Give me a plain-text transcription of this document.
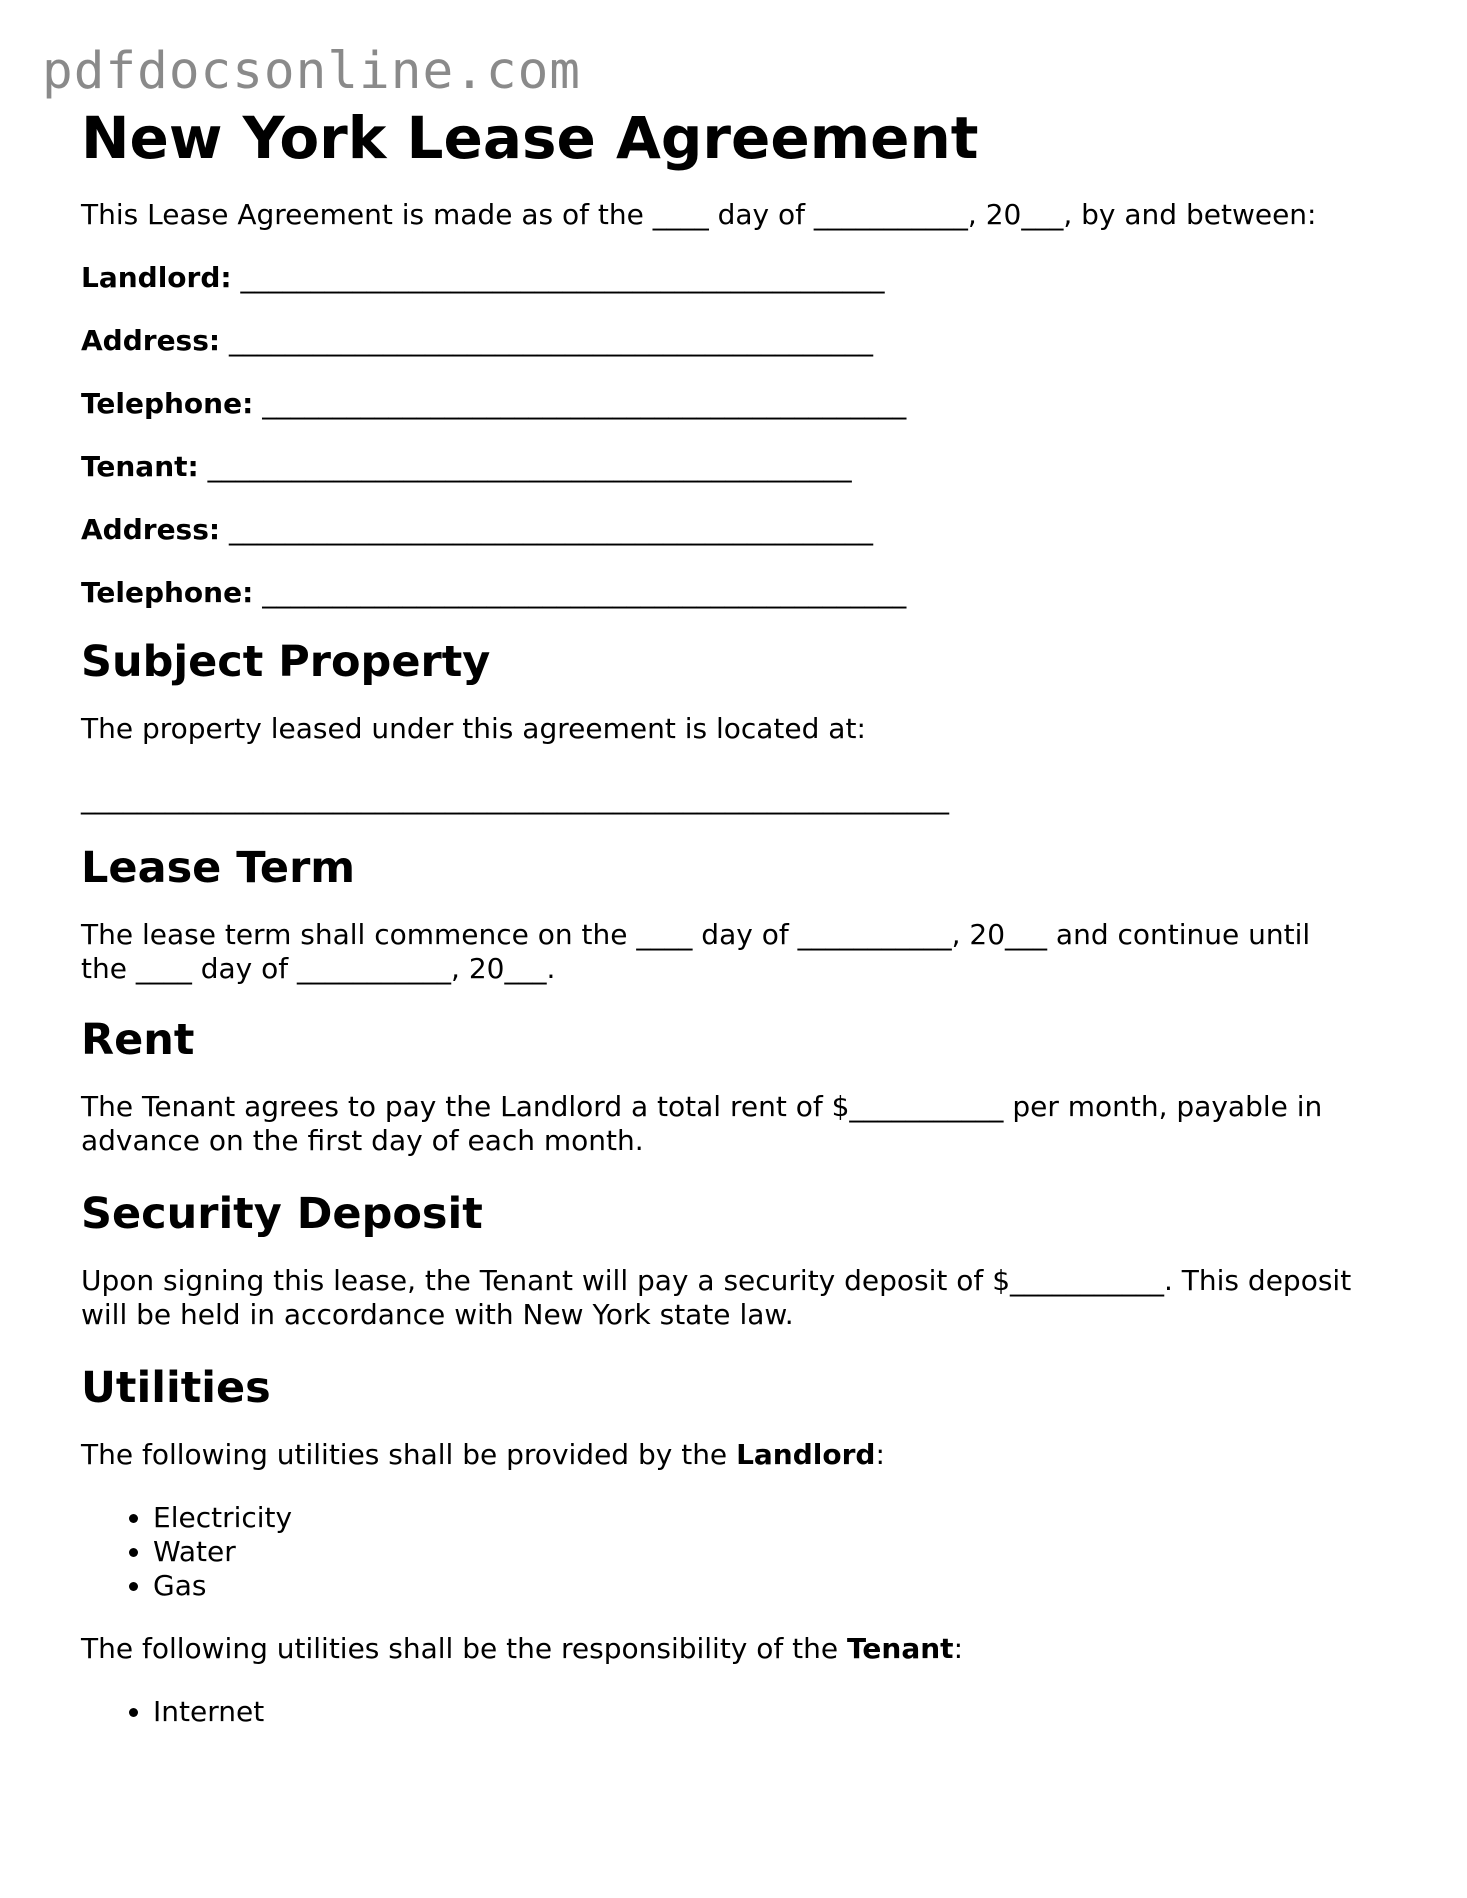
pdfdocsonline.com
New York Lease Agreement

This Lease Agreement is made as of the ____ day of ___________, 20___, by and between:

Landlord: ______________________________________________
Address: ______________________________________________
Telephone: ______________________________________________
Tenant: ______________________________________________
Address: ______________________________________________
Telephone: ______________________________________________
Subject Property

The property leased under this agreement is located at:

______________________________________________________________

Lease Term

The lease term shall commence on the ____ day of ___________, 20___ and continue until

the ____ day of ___________, 20___.

Rent

The Tenant agrees to pay the Landlord a total rent of $___________ per month, payable in

advance on the first day of each month.

Security Deposit

Upon signing this lease, the Tenant will pay a security deposit of $___________. This deposit

will be held in accordance with New York state law.

Utilities

The following utilities shall be provided by the Landlord:

• Electricity
• Water
• Gas

The following utilities shall be the responsibility of the Tenant:

• Internet
